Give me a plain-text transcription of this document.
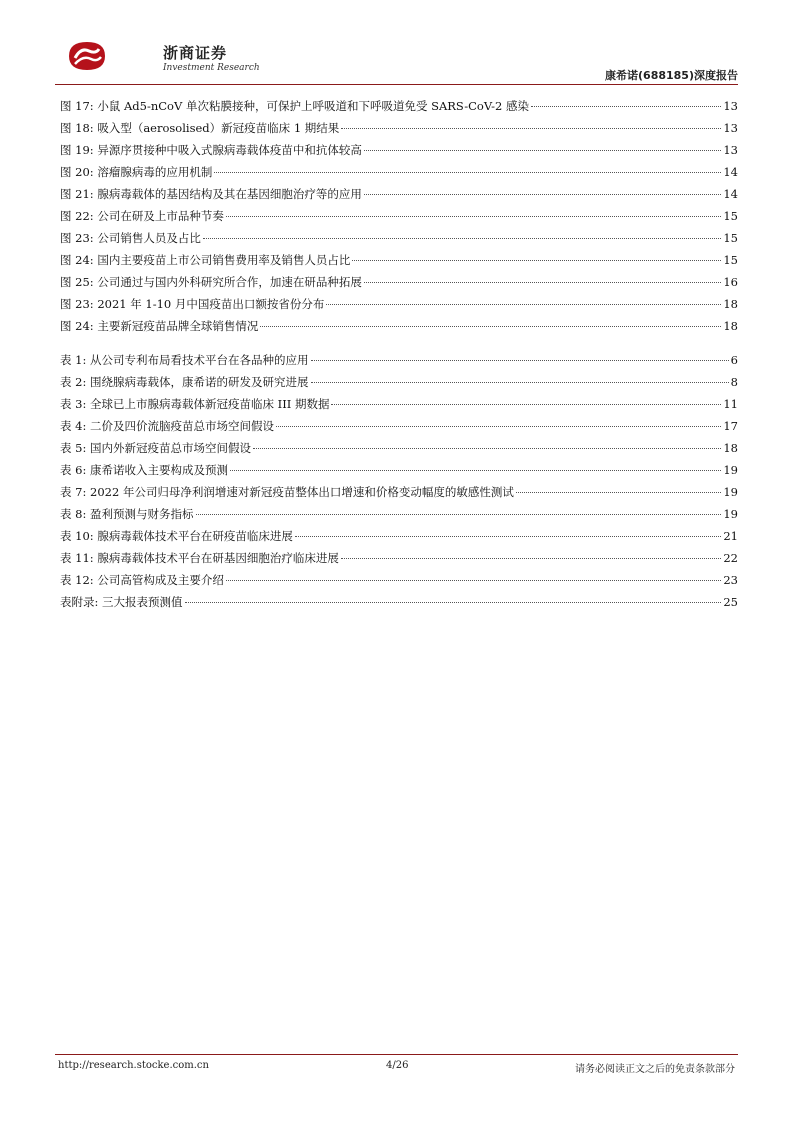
浙商证券
Investment Research
康希诺(688185)深度报告
图 17: 小鼠 Ad5-nCoV 单次粘膜接种，可保护上呼吸道和下呼吸道免受 SARS-CoV-2 感染	13
图 18: 吸入型（aerosolised）新冠疫苗临床 1 期结果	13
图 19: 异源序贯接种中吸入式腺病毒载体疫苗中和抗体较高	13
图 20: 溶瘤腺病毒的应用机制	14
图 21: 腺病毒载体的基因结构及其在基因细胞治疗等的应用	14
图 22: 公司在研及上市品种节奏	15
图 23: 公司销售人员及占比	15
图 24: 国内主要疫苗上市公司销售费用率及销售人员占比	15
图 25: 公司通过与国内外科研究所合作，加速在研品种拓展	16
图 23: 2021 年 1-10 月中国疫苗出口额按省份分布	18
图 24: 主要新冠疫苗品牌全球销售情况	18
表 1: 从公司专利布局看技术平台在各品种的应用	6
表 2: 围绕腺病毒载体，康希诺的研发及研究进展	8
表 3: 全球已上市腺病毒载体新冠疫苗临床 III 期数据	11
表 4: 二价及四价流脑疫苗总市场空间假设	17
表 5: 国内外新冠疫苗总市场空间假设	18
表 6: 康希诺收入主要构成及预测	19
表 7: 2022 年公司归母净利润增速对新冠疫苗整体出口增速和价格变动幅度的敏感性测试	19
表 8: 盈利预测与财务指标	19
表 10: 腺病毒载体技术平台在研疫苗临床进展	21
表 11: 腺病毒载体技术平台在研基因细胞治疗临床进展	22
表 12: 公司高管构成及主要介绍	23
表附录: 三大报表预测值	25
http://research.stocke.com.cn	4/26	请务必阅读正文之后的免责条款部分
